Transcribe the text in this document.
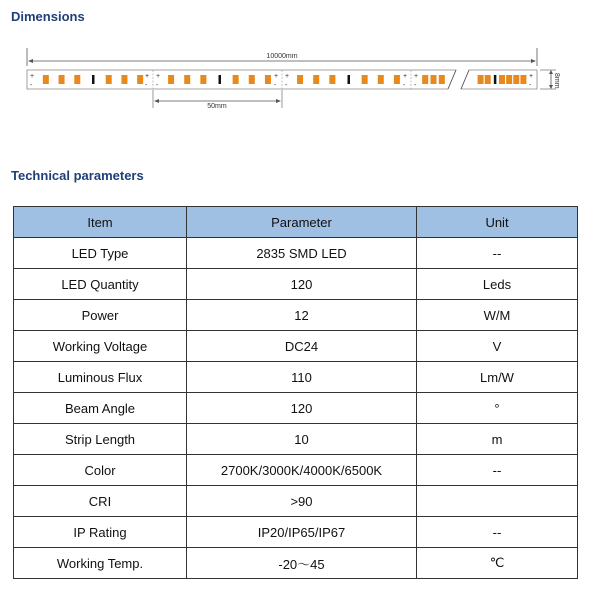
Dimensions
10000mm
+
-
+
-
+
-
+
-
+
-
+
-
+
-
+
-	8mm
50mm
Technical parameters
Item	Parameter	Unit
LED Type	2835 SMD LED	--
LED Quantity	120	Leds
Power	12	W/M
Working Voltage	DC24	V
Luminous Flux	110	Lm/W
Beam Angle	120	°
Strip Length	10	m
Color	2700K/3000K/4000K/6500K	--
CRI	>90	
IP Rating	IP20/IP65/IP67	--
Working Temp.	-20～45	℃
